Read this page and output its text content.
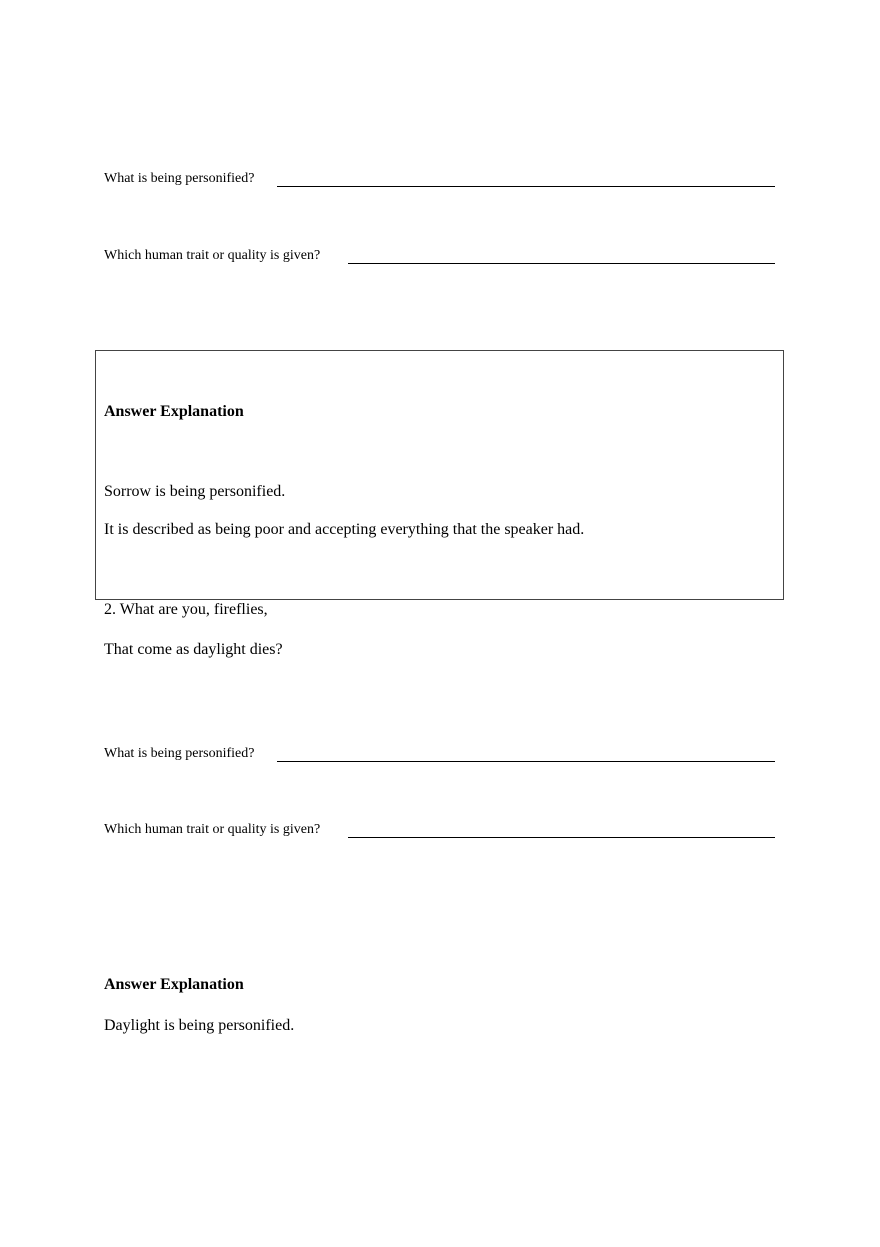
What is being personified?
Which human trait or quality is given?
Answer Explanation
Sorrow is being personified.
It is described as being poor and accepting everything that the speaker had.
2. What are you, fireflies,
That come as daylight dies?
What is being personified?
Which human trait or quality is given?
Answer Explanation
Daylight is being personified.
